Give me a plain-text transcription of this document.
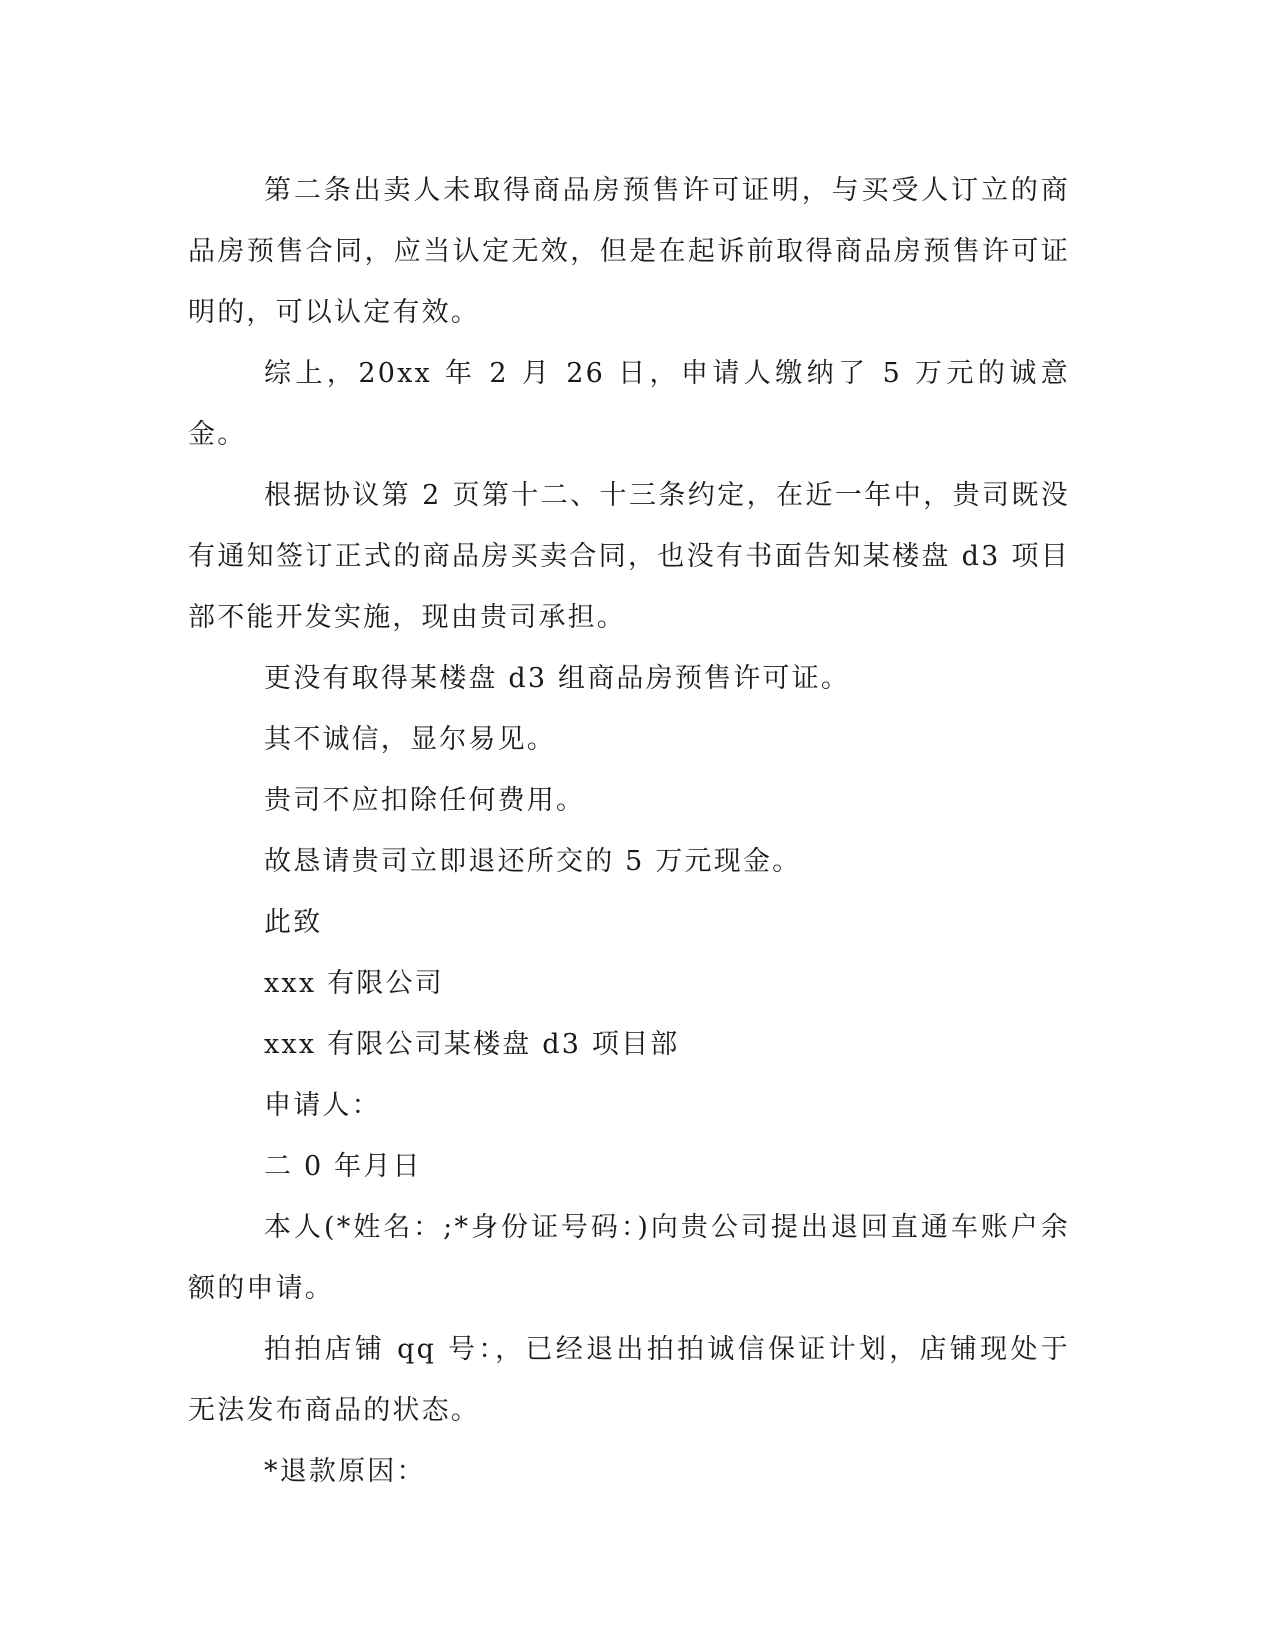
第二条出卖人未取得商品房预售许可证明，与买受人订立的商品房预售合同，应当认定无效，但是在起诉前取得商品房预售许可证明的，可以认定有效。

综上，20xx 年 2 月 26 日，申请人缴纳了 5 万元的诚意金。

根据协议第 2 页第十二、十三条约定，在近一年中，贵司既没有通知签订正式的商品房买卖合同，也没有书面告知某楼盘 d3 项目部不能开发实施，现由贵司承担。

更没有取得某楼盘 d3 组商品房预售许可证。

其不诚信，显尔易见。

贵司不应扣除任何费用。

故恳请贵司立即退还所交的 5 万元现金。

此致

xxx 有限公司

xxx 有限公司某楼盘 d3 项目部

申请人：

二 0 年月日

本人(*姓名：;*身份证号码：)向贵公司提出退回直通车账户余额的申请。

拍拍店铺 qq 号：，已经退出拍拍诚信保证计划，店铺现处于无法发布商品的状态。

*退款原因：
